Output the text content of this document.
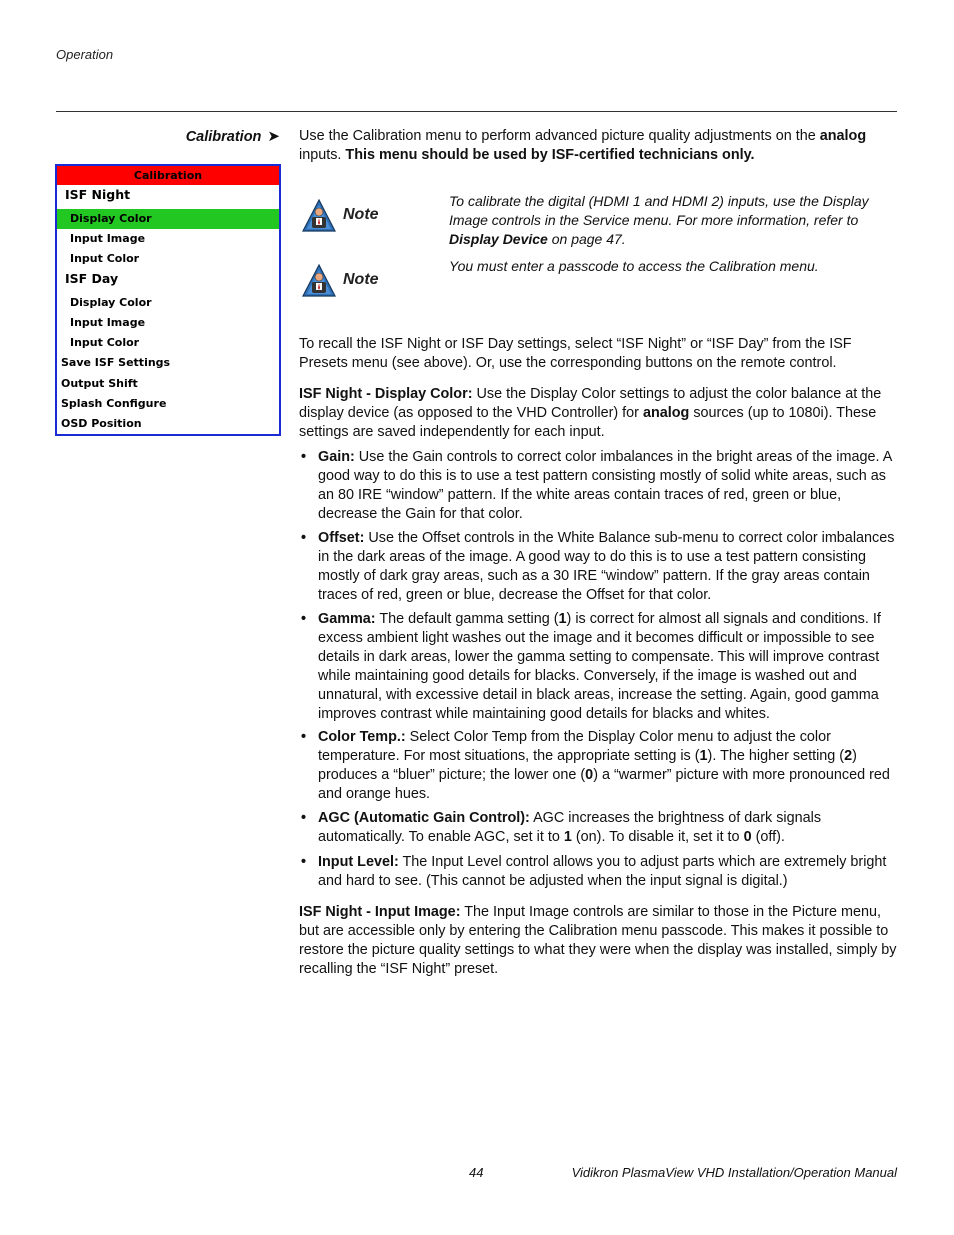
Operation
Calibration ➤
Calibration
ISF Night
Display Color
Input Image
Input Color
ISF Day
Display Color
Input Image
Input Color
Save ISF Settings
Output Shift
Splash Configure
OSD Position
Use the Calibration menu to perform advanced picture quality adjustments on the analog inputs. This menu should be used by ISF-certified technicians only.
Note
To calibrate the digital (HDMI 1 and HDMI 2) inputs, use the Display Image controls in the Service menu. For more information, refer to Display Device on page 47.
Note
You must enter a passcode to access the Calibration menu.
To recall the ISF Night or ISF Day settings, select “ISF Night” or “ISF Day” from the ISF Presets menu (see above). Or, use the corresponding buttons on the remote control.
ISF Night - Display Color: Use the Display Color settings to adjust the color balance at the display device (as opposed to the VHD Controller) for analog sources (up to 1080i). These settings are saved independently for each input.
• Gain: Use the Gain controls to correct color imbalances in the bright areas of the image. A good way to do this is to use a test pattern consisting mostly of solid white areas, such as an 80 IRE “window” pattern. If the white areas contain traces of red, green or blue, decrease the Gain for that color.
• Offset: Use the Offset controls in the White Balance sub-menu to correct color imbalances in the dark areas of the image. A good way to do this is to use a test pattern consisting mostly of dark gray areas, such as a 30 IRE “window” pattern. If the gray areas contain traces of red, green or blue, decrease the Offset for that color.
• Gamma: The default gamma setting (1) is correct for almost all signals and conditions. If excess ambient light washes out the image and it becomes difficult or impossible to see details in dark areas, lower the gamma setting to compensate. This will improve contrast while maintaining good details for blacks. Conversely, if the image is washed out and unnatural, with excessive detail in black areas, increase the setting. Again, good gamma improves contrast while maintaining good details for blacks and whites.
• Color Temp.: Select Color Temp from the Display Color menu to adjust the color temperature. For most situations, the appropriate setting is (1). The higher setting (2) produces a “bluer” picture; the lower one (0) a “warmer” picture with more pronounced red and orange hues.
• AGC (Automatic Gain Control): AGC increases the brightness of dark signals automatically. To enable AGC, set it to 1 (on). To disable it, set it to 0 (off).
• Input Level: The Input Level control allows you to adjust parts which are extremely bright and hard to see. (This cannot be adjusted when the input signal is digital.)
ISF Night - Input Image: The Input Image controls are similar to those in the Picture menu, but are accessible only by entering the Calibration menu passcode. This makes it possible to restore the picture quality settings to what they were when the display was installed, simply by recalling the “ISF Night” preset.
44	Vidikron PlasmaView VHD Installation/Operation Manual
